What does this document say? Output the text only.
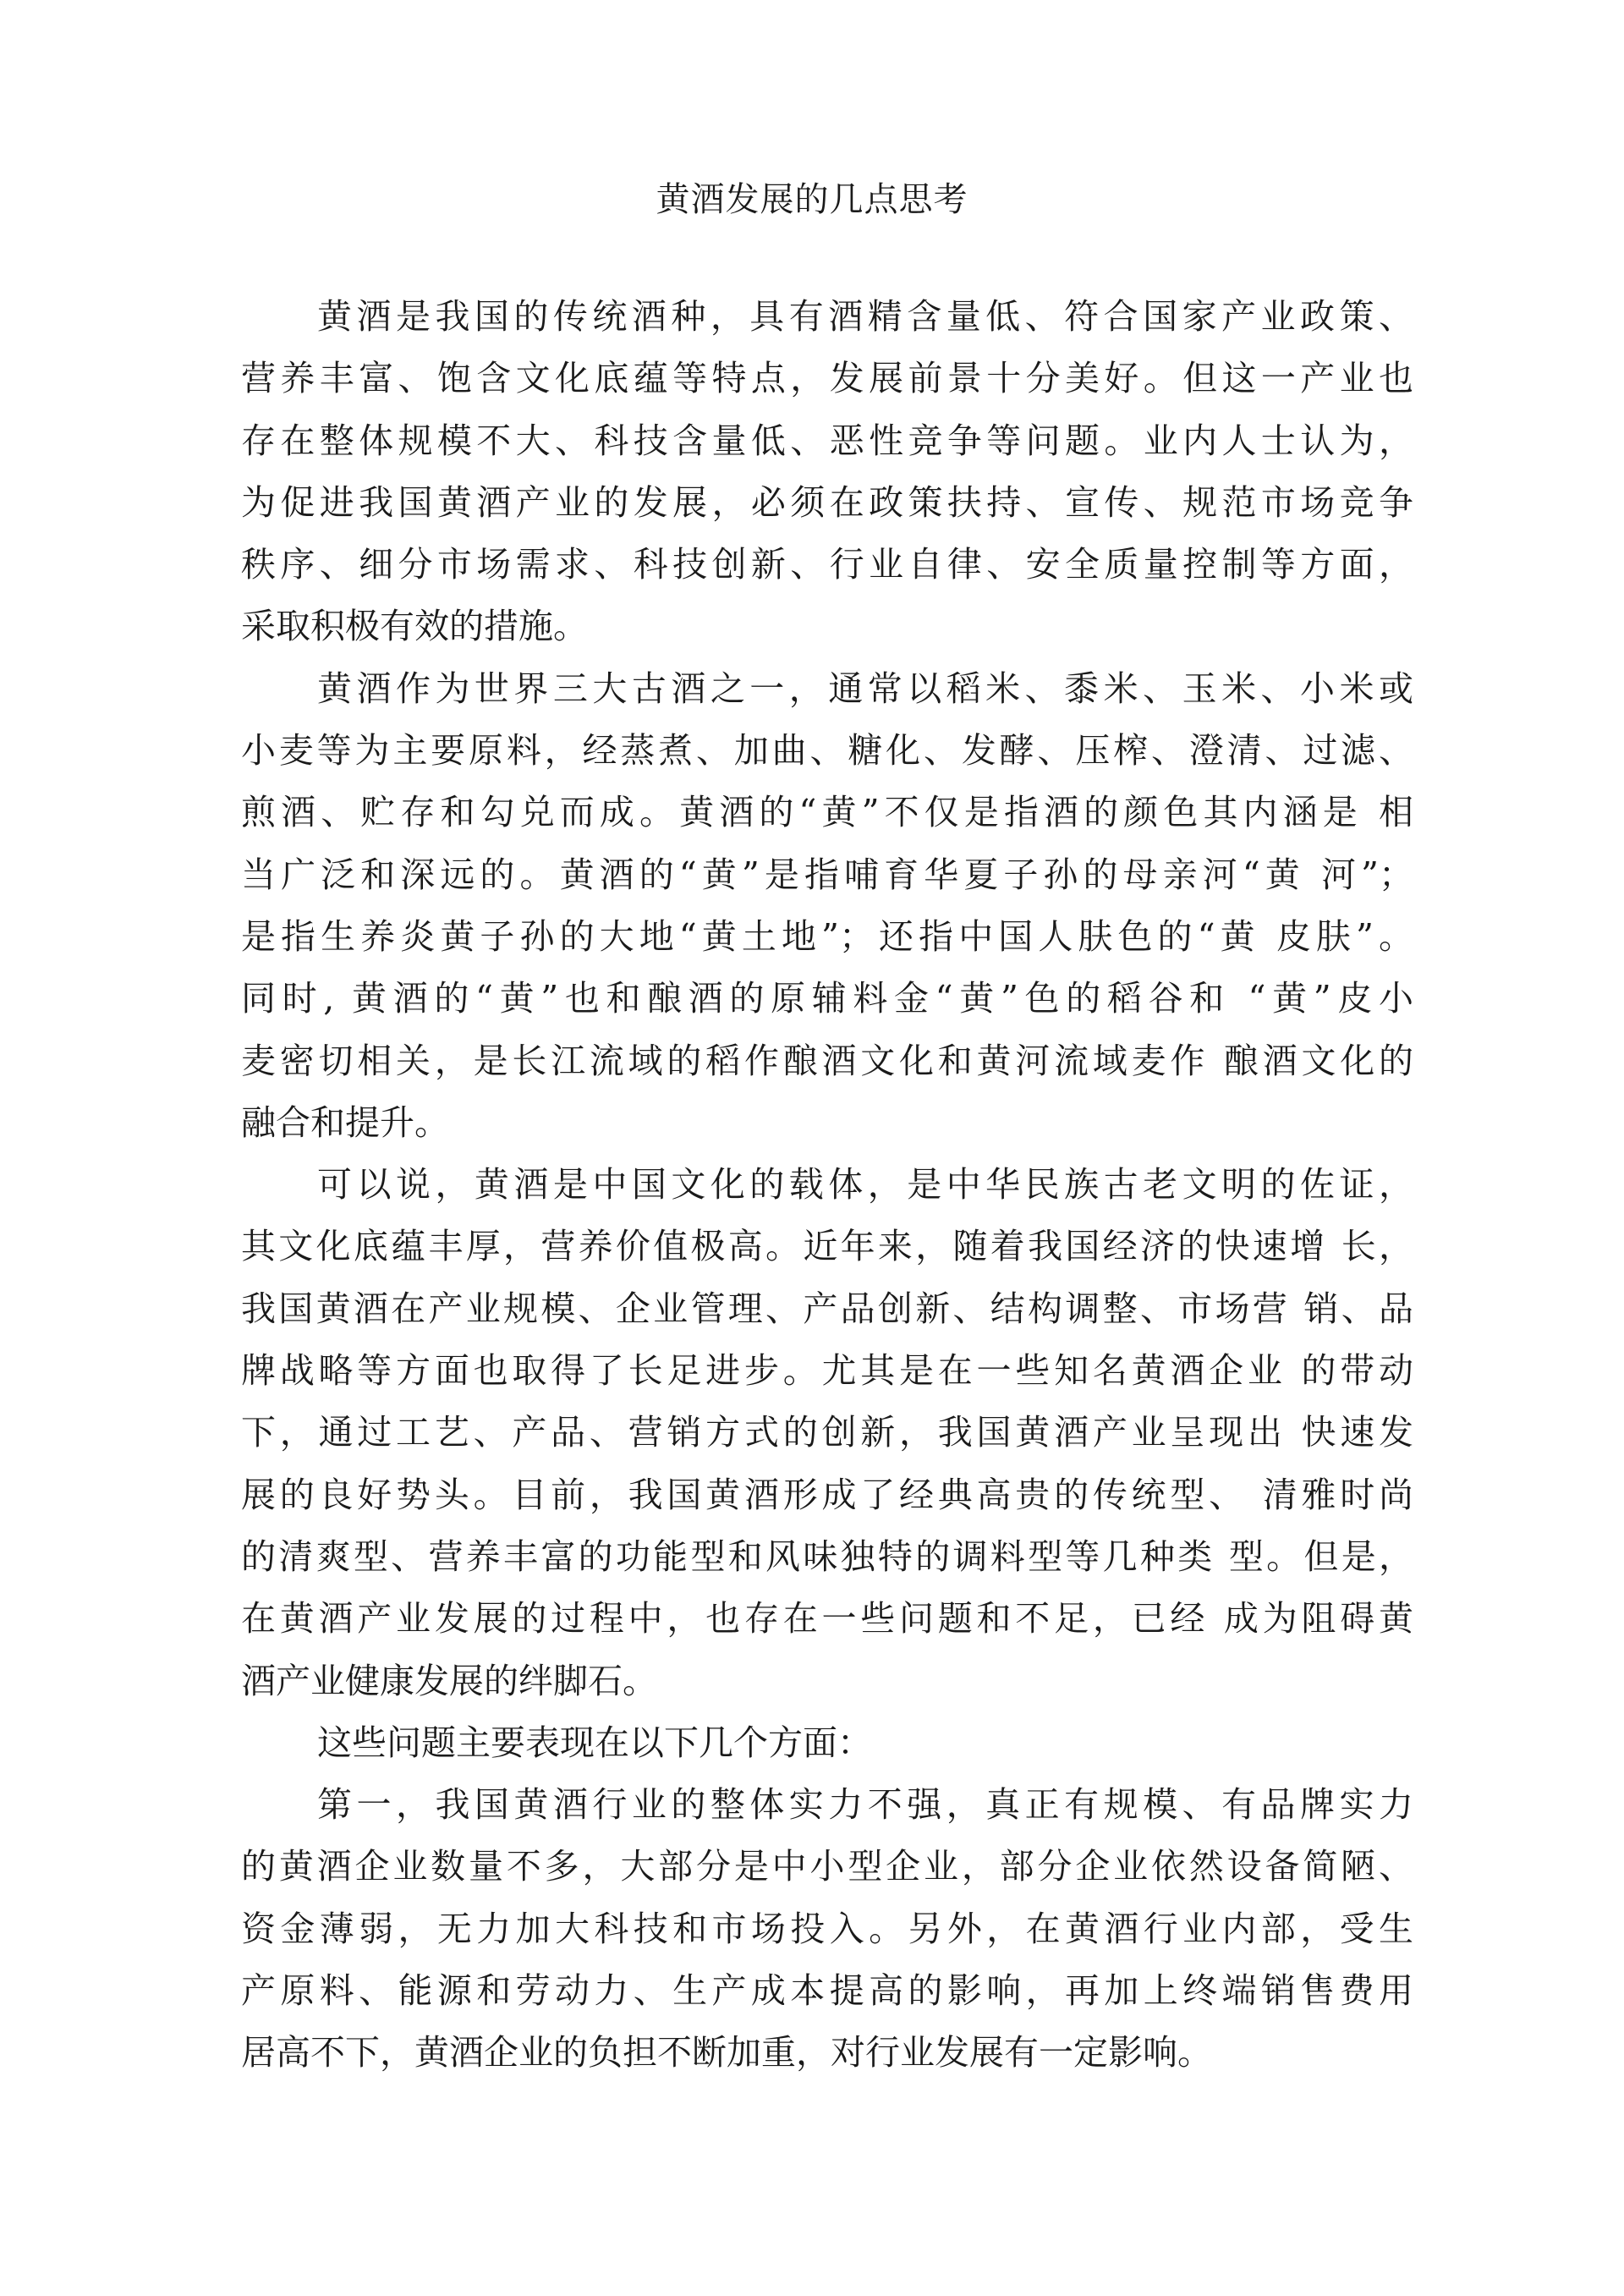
黄酒发展的几点思考
黄酒是我国的传统酒种，具有酒精含量低、符合国家产业政策、
营养丰富、饱含文化底蕴等特点，发展前景十分美好。但这一产业也
存在整体规模不大、科技含量低、恶性竞争等问题。业内人士认为，
为促进我国黄酒产业的发展，必须在政策扶持、宣传、规范市场竞争
秩序、细分市场需求、科技创新、行业自律、安全质量控制等方面，
采取积极有效的措施。
黄酒作为世界三大古酒之一，通常以稻米、黍米、玉米、小米或
小麦等为主要原料，经蒸煮、加曲、糖化、发酵、压榨、澄清、过滤、
煎酒、贮存和勾兑而成。黄酒的“黄”不仅是指酒的颜色其内涵是 相
当广泛和深远的。黄酒的“黄”是指哺育华夏子孙的母亲河“黄 河”；
是指生养炎黄子孙的大地“黄土地”；还指中国人肤色的“黄 皮肤”。
同时, 黄酒的“黄”也和酿酒的原辅料金“黄”色的稻谷和 “黄”皮小
麦密切相关，是长江流域的稻作酿酒文化和黄河流域麦作 酿酒文化的
融合和提升。
可以说，黄酒是中国文化的载体，是中华民族古老文明的佐证，
其文化底蕴丰厚，营养价值极高。近年来，随着我国经济的快速增 长，
我国黄酒在产业规模、企业管理、产品创新、结构调整、市场营 销、品
牌战略等方面也取得了长足进步。尤其是在一些知名黄酒企业 的带动
下，通过工艺、产品、营销方式的创新，我国黄酒产业呈现出 快速发
展的良好势头。目前，我国黄酒形成了经典高贵的传统型、 清雅时尚
的清爽型、营养丰富的功能型和风味独特的调料型等几种类 型。但是，
在黄酒产业发展的过程中，也存在一些问题和不足，已经 成为阻碍黄
酒产业健康发展的绊脚石。
这些问题主要表现在以下几个方面：
第一，我国黄酒行业的整体实力不强，真正有规模、有品牌实力
的黄酒企业数量不多，大部分是中小型企业，部分企业依然设备简陋、
资金薄弱，无力加大科技和市场投入。另外，在黄酒行业内部，受生
产原料、能源和劳动力、生产成本提高的影响，再加上终端销售费用
居高不下，黄酒企业的负担不断加重，对行业发展有一定影响。
